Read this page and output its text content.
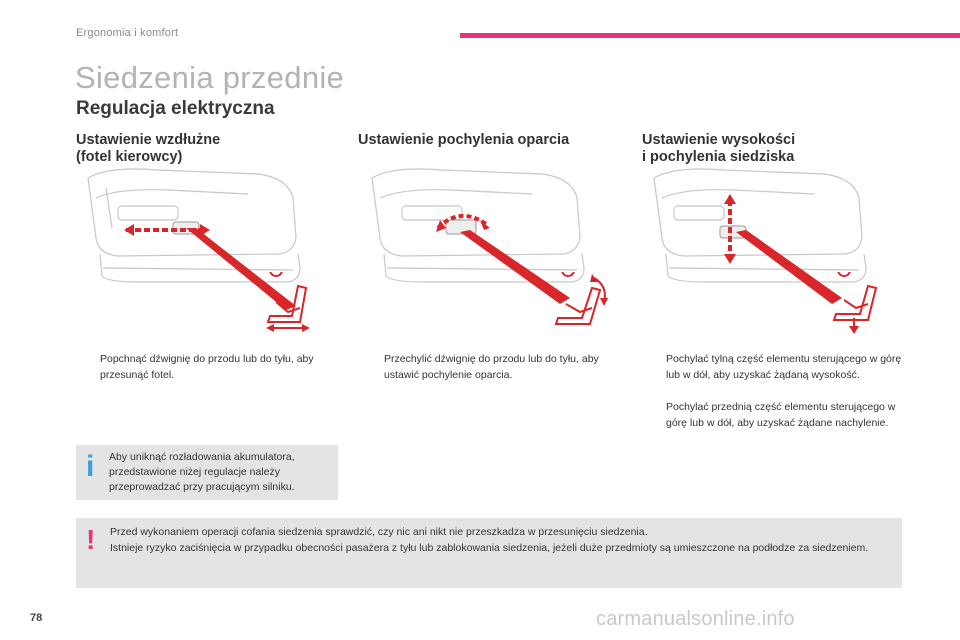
Ergonomia i komfort
Siedzenia przednie
Regulacja elektryczna
Ustawienie wzdłużne
(fotel kierowcy)
Ustawienie pochylenia oparcia	Ustawienie wysokości
i pochylenia siedziska
Popchnąć dźwignię do przodu lub do tyłu, aby przesunąć fotel.
Przechylić dźwignię do przodu lub do tyłu, aby ustawić pochylenie oparcia.
Pochylać tylną część elementu sterującego w górę lub w dół, aby uzyskać żądaną wysokość.
Pochylać przednią część elementu sterującego w górę lub w dół, aby uzyskać żądane nachylenie.
i Aby uniknąć rozładowania akumulatora, przedstawione niżej regulacje należy przeprowadzać przy pracującym silniku.
! Przed wykonaniem operacji cofania siedzenia sprawdzić, czy nic ani nikt nie przeszkadza w przesunięciu siedzenia.
Istnieje ryzyko zaciśnięcia w przypadku obecności pasażera z tyłu lub zablokowania siedzenia, jeżeli duże przedmioty są umieszczone na podłodze za siedzeniem.
78	carmanualsonline.info
